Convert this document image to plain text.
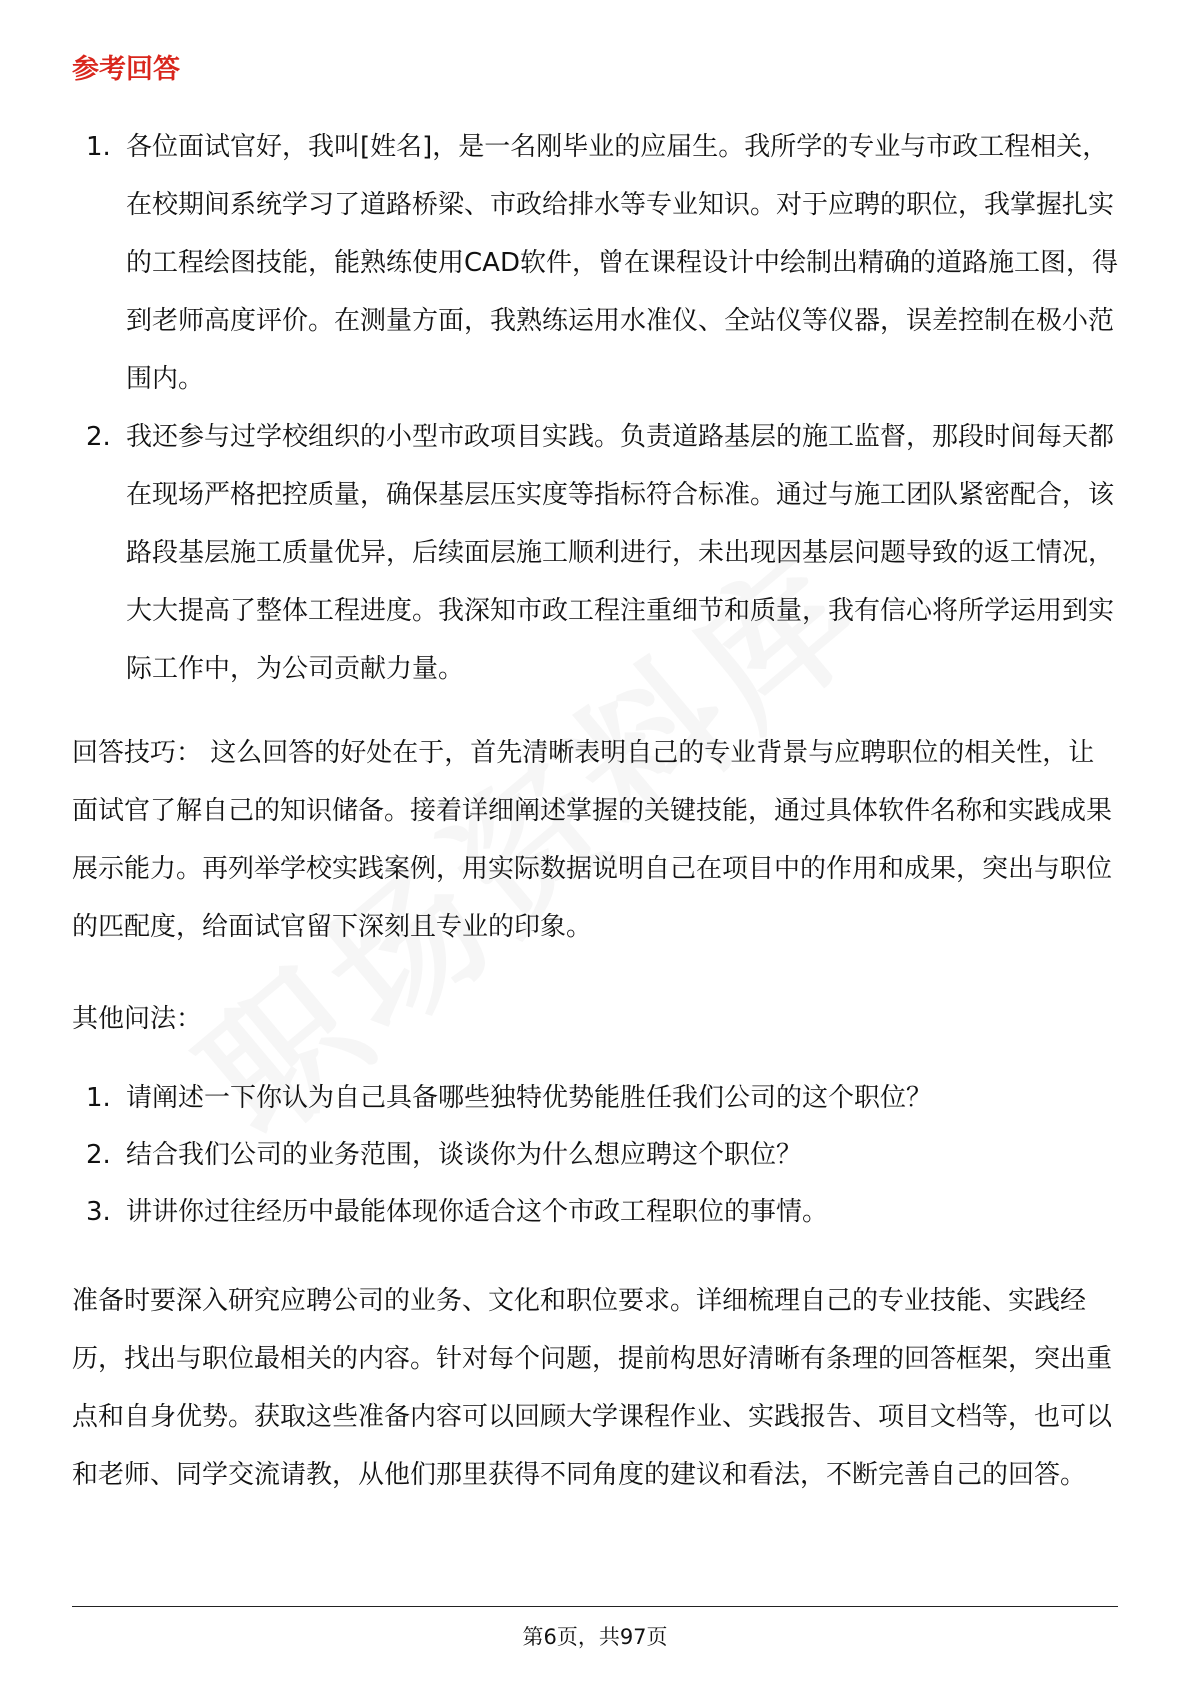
参考回答
1. 各位面试官好，我叫[姓名]，是一名刚毕业的应届生。我所学的专业与市政工程相关，在校期间系统学习了道路桥梁、市政给排水等专业知识。对于应聘的职位，我掌握扎实的工程绘图技能，能熟练使用CAD软件，曾在课程设计中绘制出精确的道路施工图，得到老师高度评价。在测量方面，我熟练运用水准仪、全站仪等仪器，误差控制在极小范围内。
2. 我还参与过学校组织的小型市政项目实践。负责道路基层的施工监督，那段时间每天都在现场严格把控质量，确保基层压实度等指标符合标准。通过与施工团队紧密配合，该路段基层施工质量优异，后续面层施工顺利进行，未出现因基层问题导致的返工情况，大大提高了整体工程进度。我深知市政工程注重细节和质量，我有信心将所学运用到实际工作中，为公司贡献力量。

回答技巧： 这么回答的好处在于，首先清晰表明自己的专业背景与应聘职位的相关性，让面试官了解自己的知识储备。接着详细阐述掌握的关键技能，通过具体软件名称和实践成果展示能力。再列举学校实践案例，用实际数据说明自己在项目中的作用和成果，突出与职位的匹配度，给面试官留下深刻且专业的印象。

其他问法：

1. 请阐述一下你认为自己具备哪些独特优势能胜任我们公司的这个职位？
2. 结合我们公司的业务范围，谈谈你为什么想应聘这个职位？
3. 讲讲你过往经历中最能体现你适合这个市政工程职位的事情。

准备时要深入研究应聘公司的业务、文化和职位要求。详细梳理自己的专业技能、实践经历，找出与职位最相关的内容。针对每个问题，提前构思好清晰有条理的回答框架，突出重点和自身优势。获取这些准备内容可以回顾大学课程作业、实践报告、项目文档等，也可以和老师、同学交流请教，从他们那里获得不同角度的建议和看法，不断完善自己的回答。

第6页，共97页
